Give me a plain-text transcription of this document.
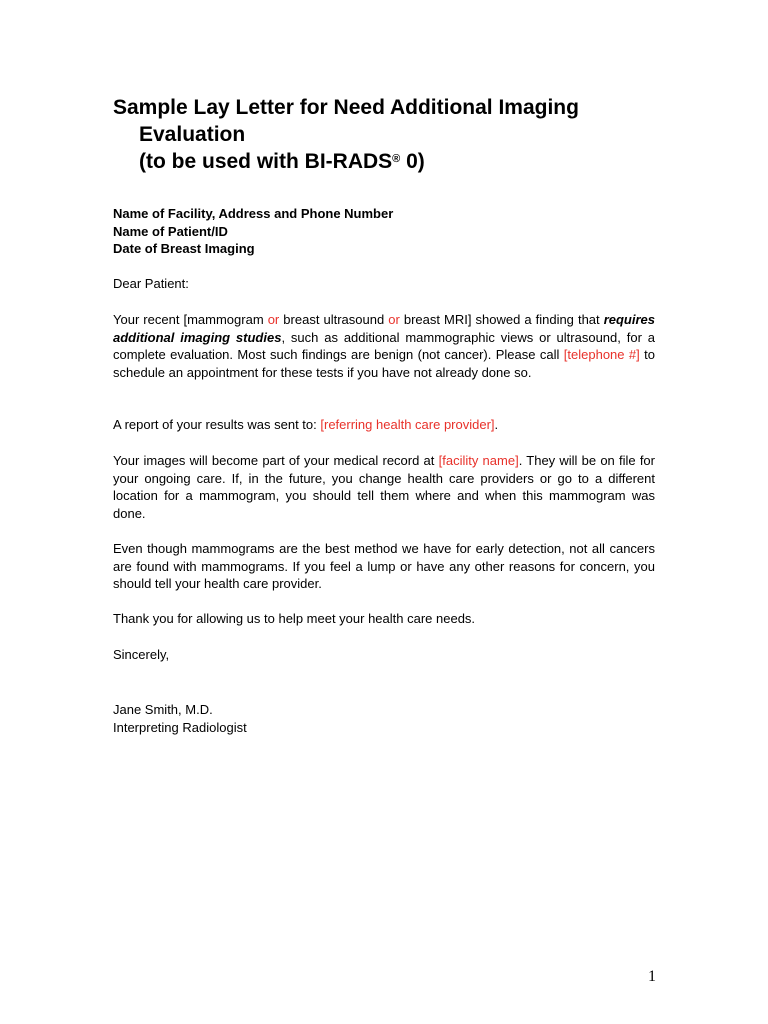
Sample Lay Letter for Need Additional Imaging
Evaluation
(to be used with BI-RADS® 0)
Name of Facility, Address and Phone Number
Name of Patient/ID
Date of Breast Imaging
Dear Patient:
Your recent [mammogram or breast ultrasound or breast MRI] showed a finding that requires additional imaging studies, such as additional mammographic views or ultrasound, for a complete evaluation. Most such findings are benign (not cancer). Please call [telephone #] to schedule an appointment for these tests if you have not already done so.
A report of your results was sent to: [referring health care provider].
Your images will become part of your medical record at [facility name]. They will be on file for your ongoing care. If, in the future, you change health care providers or go to a different location for a mammogram, you should tell them where and when this mammogram was done.
Even though mammograms are the best method we have for early detection, not all cancers are found with mammograms. If you feel a lump or have any other reasons for concern, you should tell your health care provider.
Thank you for allowing us to help meet your health care needs.
Sincerely,
Jane Smith, M.D.
Interpreting Radiologist
1
